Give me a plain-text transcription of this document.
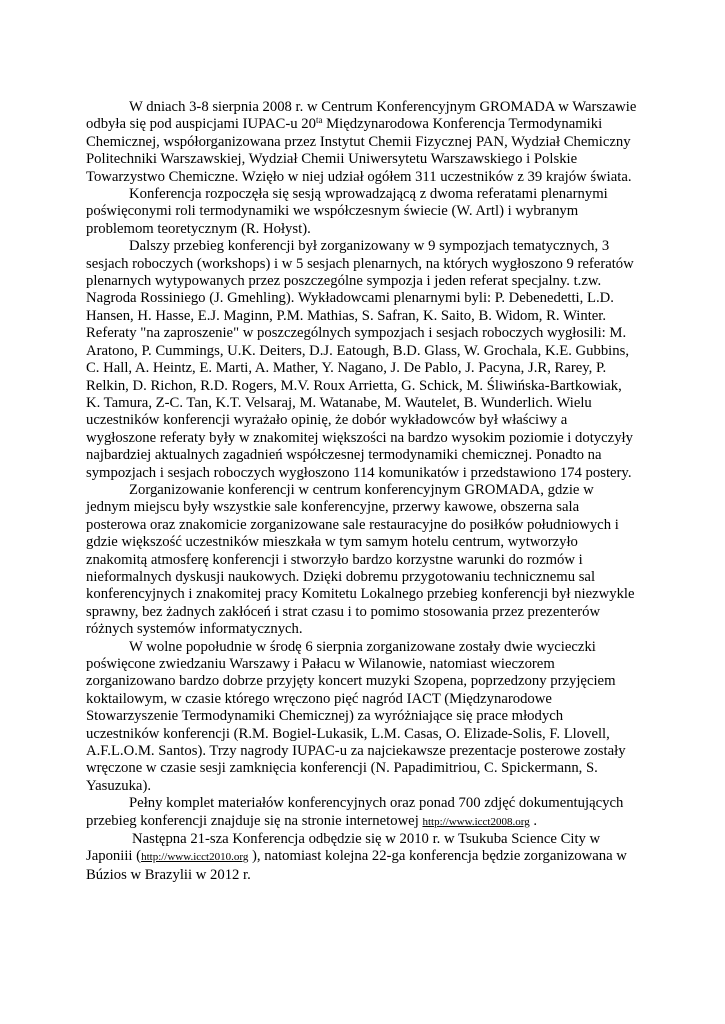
W dniach 3-8 sierpnia 2008 r. w Centrum Konferencyjnym GROMADA w Warszawie odbyła się pod auspicjami IUPAC-u $20^{ta}$ Międzynarodowa Konferencja Termodynamiki Chemicznej, współorganizowana przez Instytut Chemii Fizycznej PAN, Wydział Chemiczny Politechniki Warszawskiej, Wydział Chemii Uniwersytetu Warszawskiego i Polskie Towarzystwo Chemiczne. Wzięło w niej udział ogółem 311 uczestników z 39 krajów świata.

Konferencja rozpoczęła się sesją wprowadzającą z dwoma referatami plenarnymi poświęconymi roli termodynamiki we współczesnym świecie (W. Artl) i wybranym problemom teoretycznym (R. Hołyst).

Dalszy przebieg konferencji był zorganizowany w 9 sympozjach tematycznych, 3 sesjach roboczych (workshops) i w 5 sesjach plenarnych, na których wygłoszono 9 referatów plenarnych wytypowanych przez poszczególne sympozja i jeden referat specjalny. t.zw. Nagroda Rossiniego (J. Gmehling). Wykładowcami plenarnymi byli: P. Debenedetti, L.D. Hansen, H. Hasse, E.J. Maginn, P.M. Mathias, S. Safran, K. Saito, B. Widom, R. Winter. Referaty "na zaproszenie" w poszczególnych sympozjach i sesjach roboczych wygłosili: M. Aratono, P. Cummings, U.K. Deiters, D.J. Eatough, B.D. Glass, W. Grochala, K.E. Gubbins, C. Hall, A. Heintz, E. Marti, A. Mather, Y. Nagano, J. De Pablo, J. Pacyna, J.R, Rarey, P. Relkin, D. Richon, R.D. Rogers, M.V. Roux Arrietta, G. Schick, M. Śliwińska-Bartkowiak, K. Tamura, Z-C. Tan, K.T. Velsaraj, M. Watanabe, M. Wautelet, B. Wunderlich. Wielu uczestników konferencji wyrażało opinię, że dobór wykładowców był właściwy a wygłoszone referaty były w znakomitej większości na bardzo wysokim poziomie i dotyczyły najbardziej aktualnych zagadnień współczesnej termodynamiki chemicznej. Ponadto na sympozjach i sesjach roboczych wygłoszono 114 komunikatów i przedstawiono 174 postery.

Zorganizowanie konferencji w centrum konferencyjnym GROMADA, gdzie w jednym miejscu były wszystkie sale konferencyjne, przerwy kawowe, obszerna sala posterowa oraz znakomicie zorganizowane sale restauracyjne do posiłków południowych i gdzie większość uczestników mieszkała w tym samym hotelu centrum, wytworzyło znakomitą atmosferę konferencji i stworzyło bardzo korzystne warunki do rozmów i nieformalnych dyskusji naukowych. Dzięki dobremu przygotowaniu technicznemu sal konferencyjnych i znakomitej pracy Komitetu Lokalnego przebieg konferencji był niezwykle sprawny, bez żadnych zakłóceń i strat czasu i to pomimo stosowania przez prezenterów różnych systemów informatycznych.

W wolne popołudnie w środę 6 sierpnia zorganizowane zostały dwie wycieczki poświęcone zwiedzaniu Warszawy i Pałacu w Wilanowie, natomiast wieczorem zorganizowano bardzo dobrze przyjęty koncert muzyki Szopena, poprzedzony przyjęciem koktailowym, w czasie którego wręczono pięć nagród IACT (Międzynarodowe Stowarzyszenie Termodynamiki Chemicznej) za wyróżniające się prace młodych uczestników konferencji (R.M. Bogiel-Lukasik, L.M. Casas, O. Elizade-Solis, F. Llovell, A.F.L.O.M. Santos). Trzy nagrody IUPAC-u za najciekawsze prezentacje posterowe zostały wręczone w czasie sesji zamknięcia konferencji (N. Papadimitriou, C. Spickermann, S. Yasuzuka).

Pełny komplet materiałów konferencyjnych oraz ponad 700 zdjęć dokumentujących przebieg konferencji znajduje się na stronie internetowej http://www.icct2008.org .

Następna 21-sza Konferencja odbędzie się w 2010 r. w Tsukuba Science City w Japoniii (http://www.icct2010.org ), natomiast kolejna 22-ga konferencja będzie zorganizowana w Búzios w Brazylii w 2012 r.
